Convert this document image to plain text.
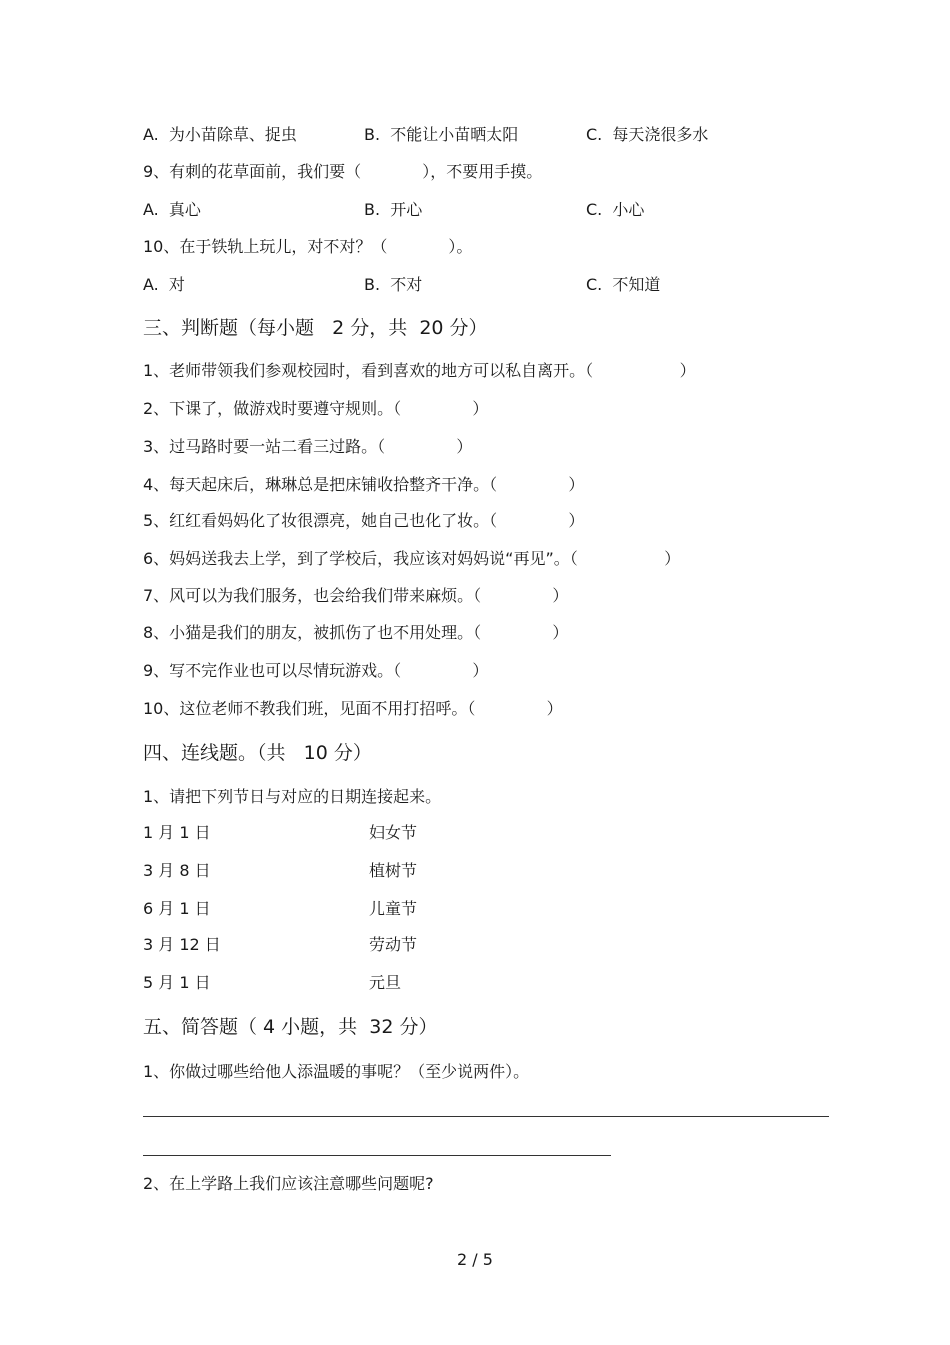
A.  为小苗除草、捉虫	B.  不能让小苗晒太阳	C.  每天浇很多水
9、有刺的花草面前，我们要（            ），不要用手摸。
A.  真心	B.  开心	C.  小心
10、在于铁轨上玩儿，对不对？（            ）。
A.  对	B.  不对	C.  不知道
三、判断题（每小题   2 分，共  20 分）
1、老师带领我们参观校园时，看到喜欢的地方可以私自离开。（                 ）
2、下课了，做游戏时要遵守规则。（              ）
3、过马路时要一站二看三过路。（              ）
4、每天起床后，琳琳总是把床铺收拾整齐干净。（              ）
5、红红看妈妈化了妆很漂亮，她自己也化了妆。（              ）
6、妈妈送我去上学，到了学校后，我应该对妈妈说“再见”。（                 ）
7、风可以为我们服务，也会给我们带来麻烦。（              ）
8、小猫是我们的朋友，被抓伤了也不用处理。（              ）
9、写不完作业也可以尽情玩游戏。（              ）
10、这位老师不教我们班，见面不用打招呼。（              ）
四、连线题。（共   10 分）
1、请把下列节日与对应的日期连接起来。
1 月 1 日	妇女节
3 月 8 日	植树节
6 月 1 日	儿童节
3 月 12 日	劳动节
5 月 1 日	元旦
五、简答题（ 4 小题，共  32 分）
1、你做过哪些给他人添温暖的事呢？（至少说两件）。
2、在上学路上我们应该注意哪些问题呢?
2 / 5
